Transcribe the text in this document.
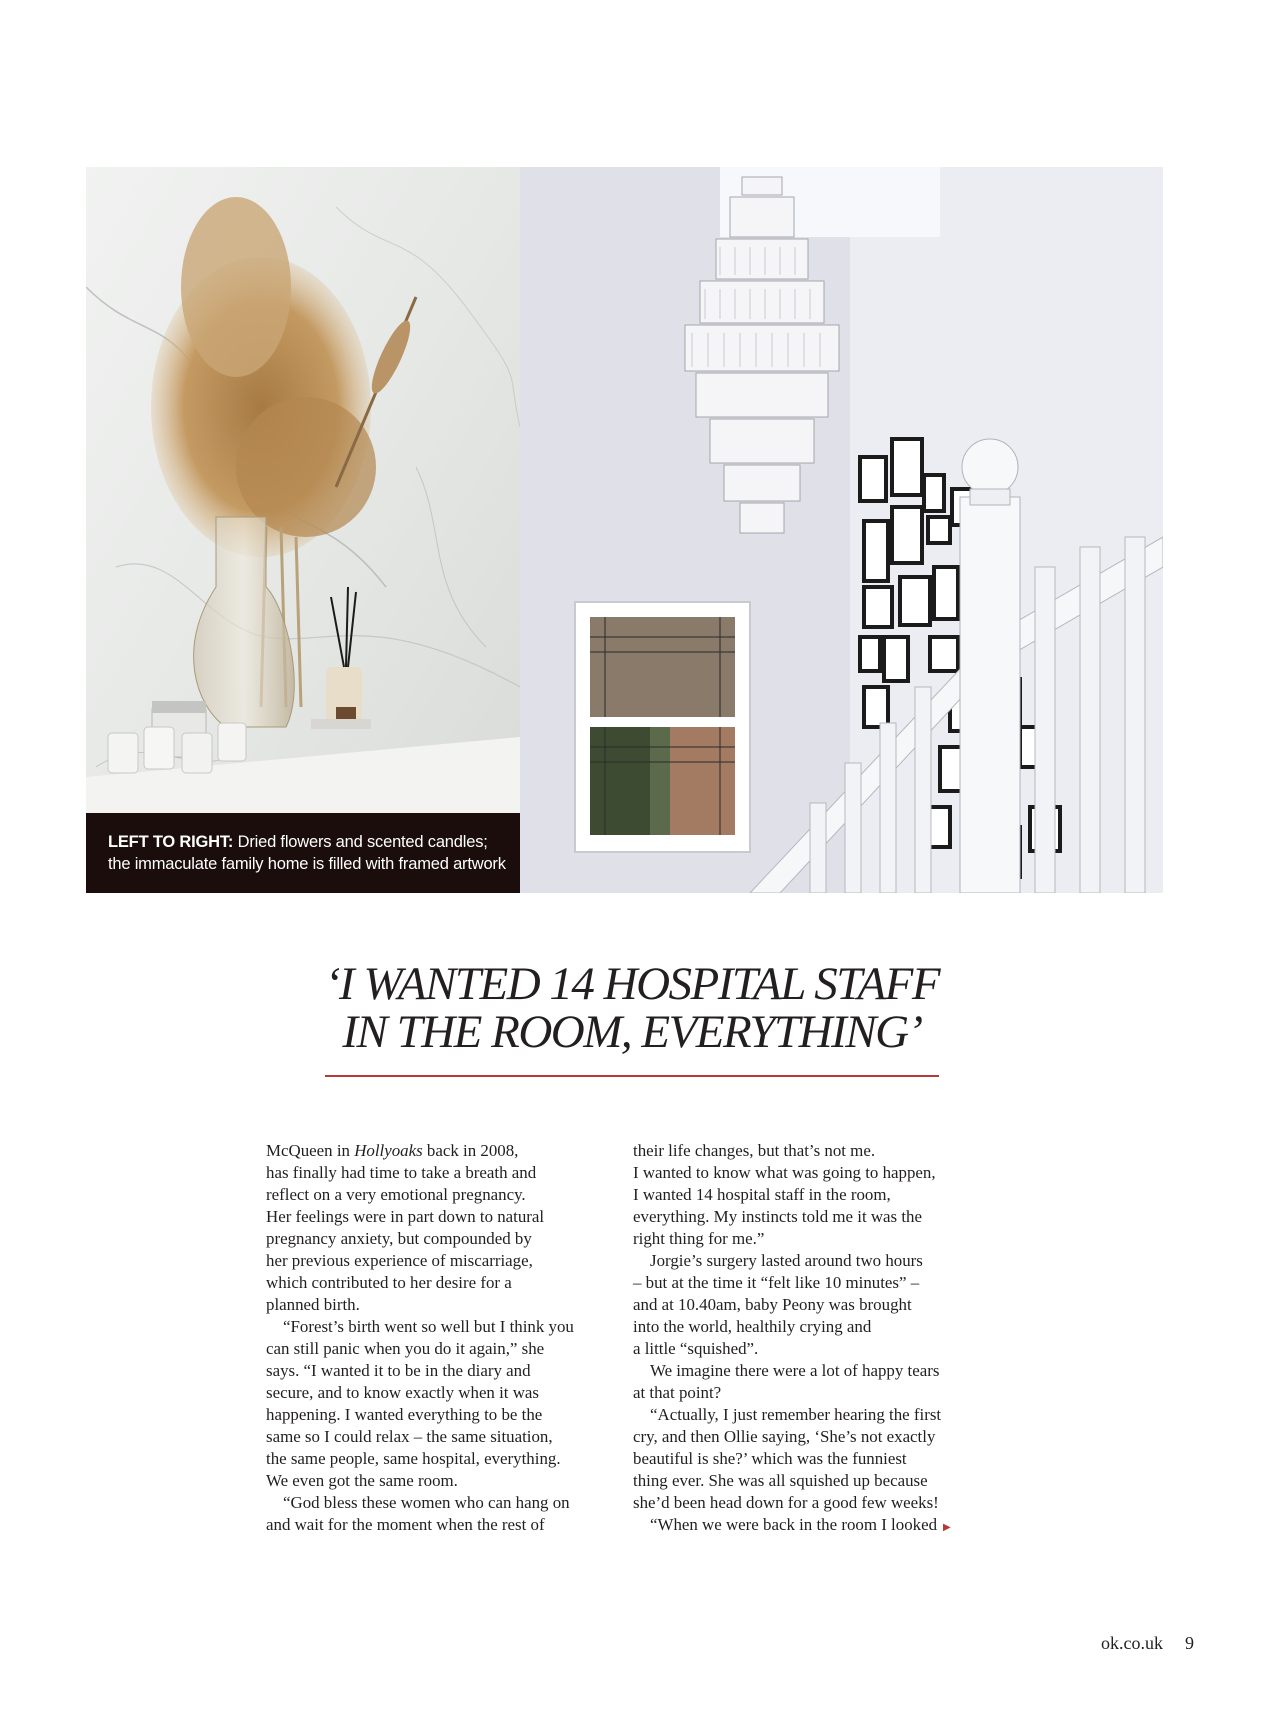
LEFT TO RIGHT: Dried flowers and scented candles;
the immaculate family home is filled with framed artwork
‘I WANTED 14 HOSPITAL STAFF
IN THE ROOM, EVERYTHING’

McQueen in Hollyoaks back in 2008,

has finally had time to take a breath and

reflect on a very emotional pregnancy.

Her feelings were in part down to natural

pregnancy anxiety, but compounded by

her previous experience of miscarriage,

which contributed to her desire for a

planned birth.

“Forest’s birth went so well but I think you

can still panic when you do it again,” she

says. “I wanted it to be in the diary and

secure, and to know exactly when it was

happening. I wanted everything to be the

same so I could relax – the same situation,

the same people, same hospital, everything.

We even got the same room.

“God bless these women who can hang on

and wait for the moment when the rest of

their life changes, but that’s not me.

I wanted to know what was going to happen,

I wanted 14 hospital staff in the room,

everything. My instincts told me it was the

right thing for me.”

Jorgie’s surgery lasted around two hours

– but at the time it “felt like 10 minutes” –

and at 10.40am, baby Peony was brought

into the world, healthily crying and

a little “squished”.

We imagine there were a lot of happy tears

at that point?

“Actually, I just remember hearing the first

cry, and then Ollie saying, ‘She’s not exactly

beautiful is she?’ which was the funniest

thing ever. She was all squished up because

she’d been head down for a good few weeks!

“When we were back in the room I looked ▶

ok.co.uk 9
